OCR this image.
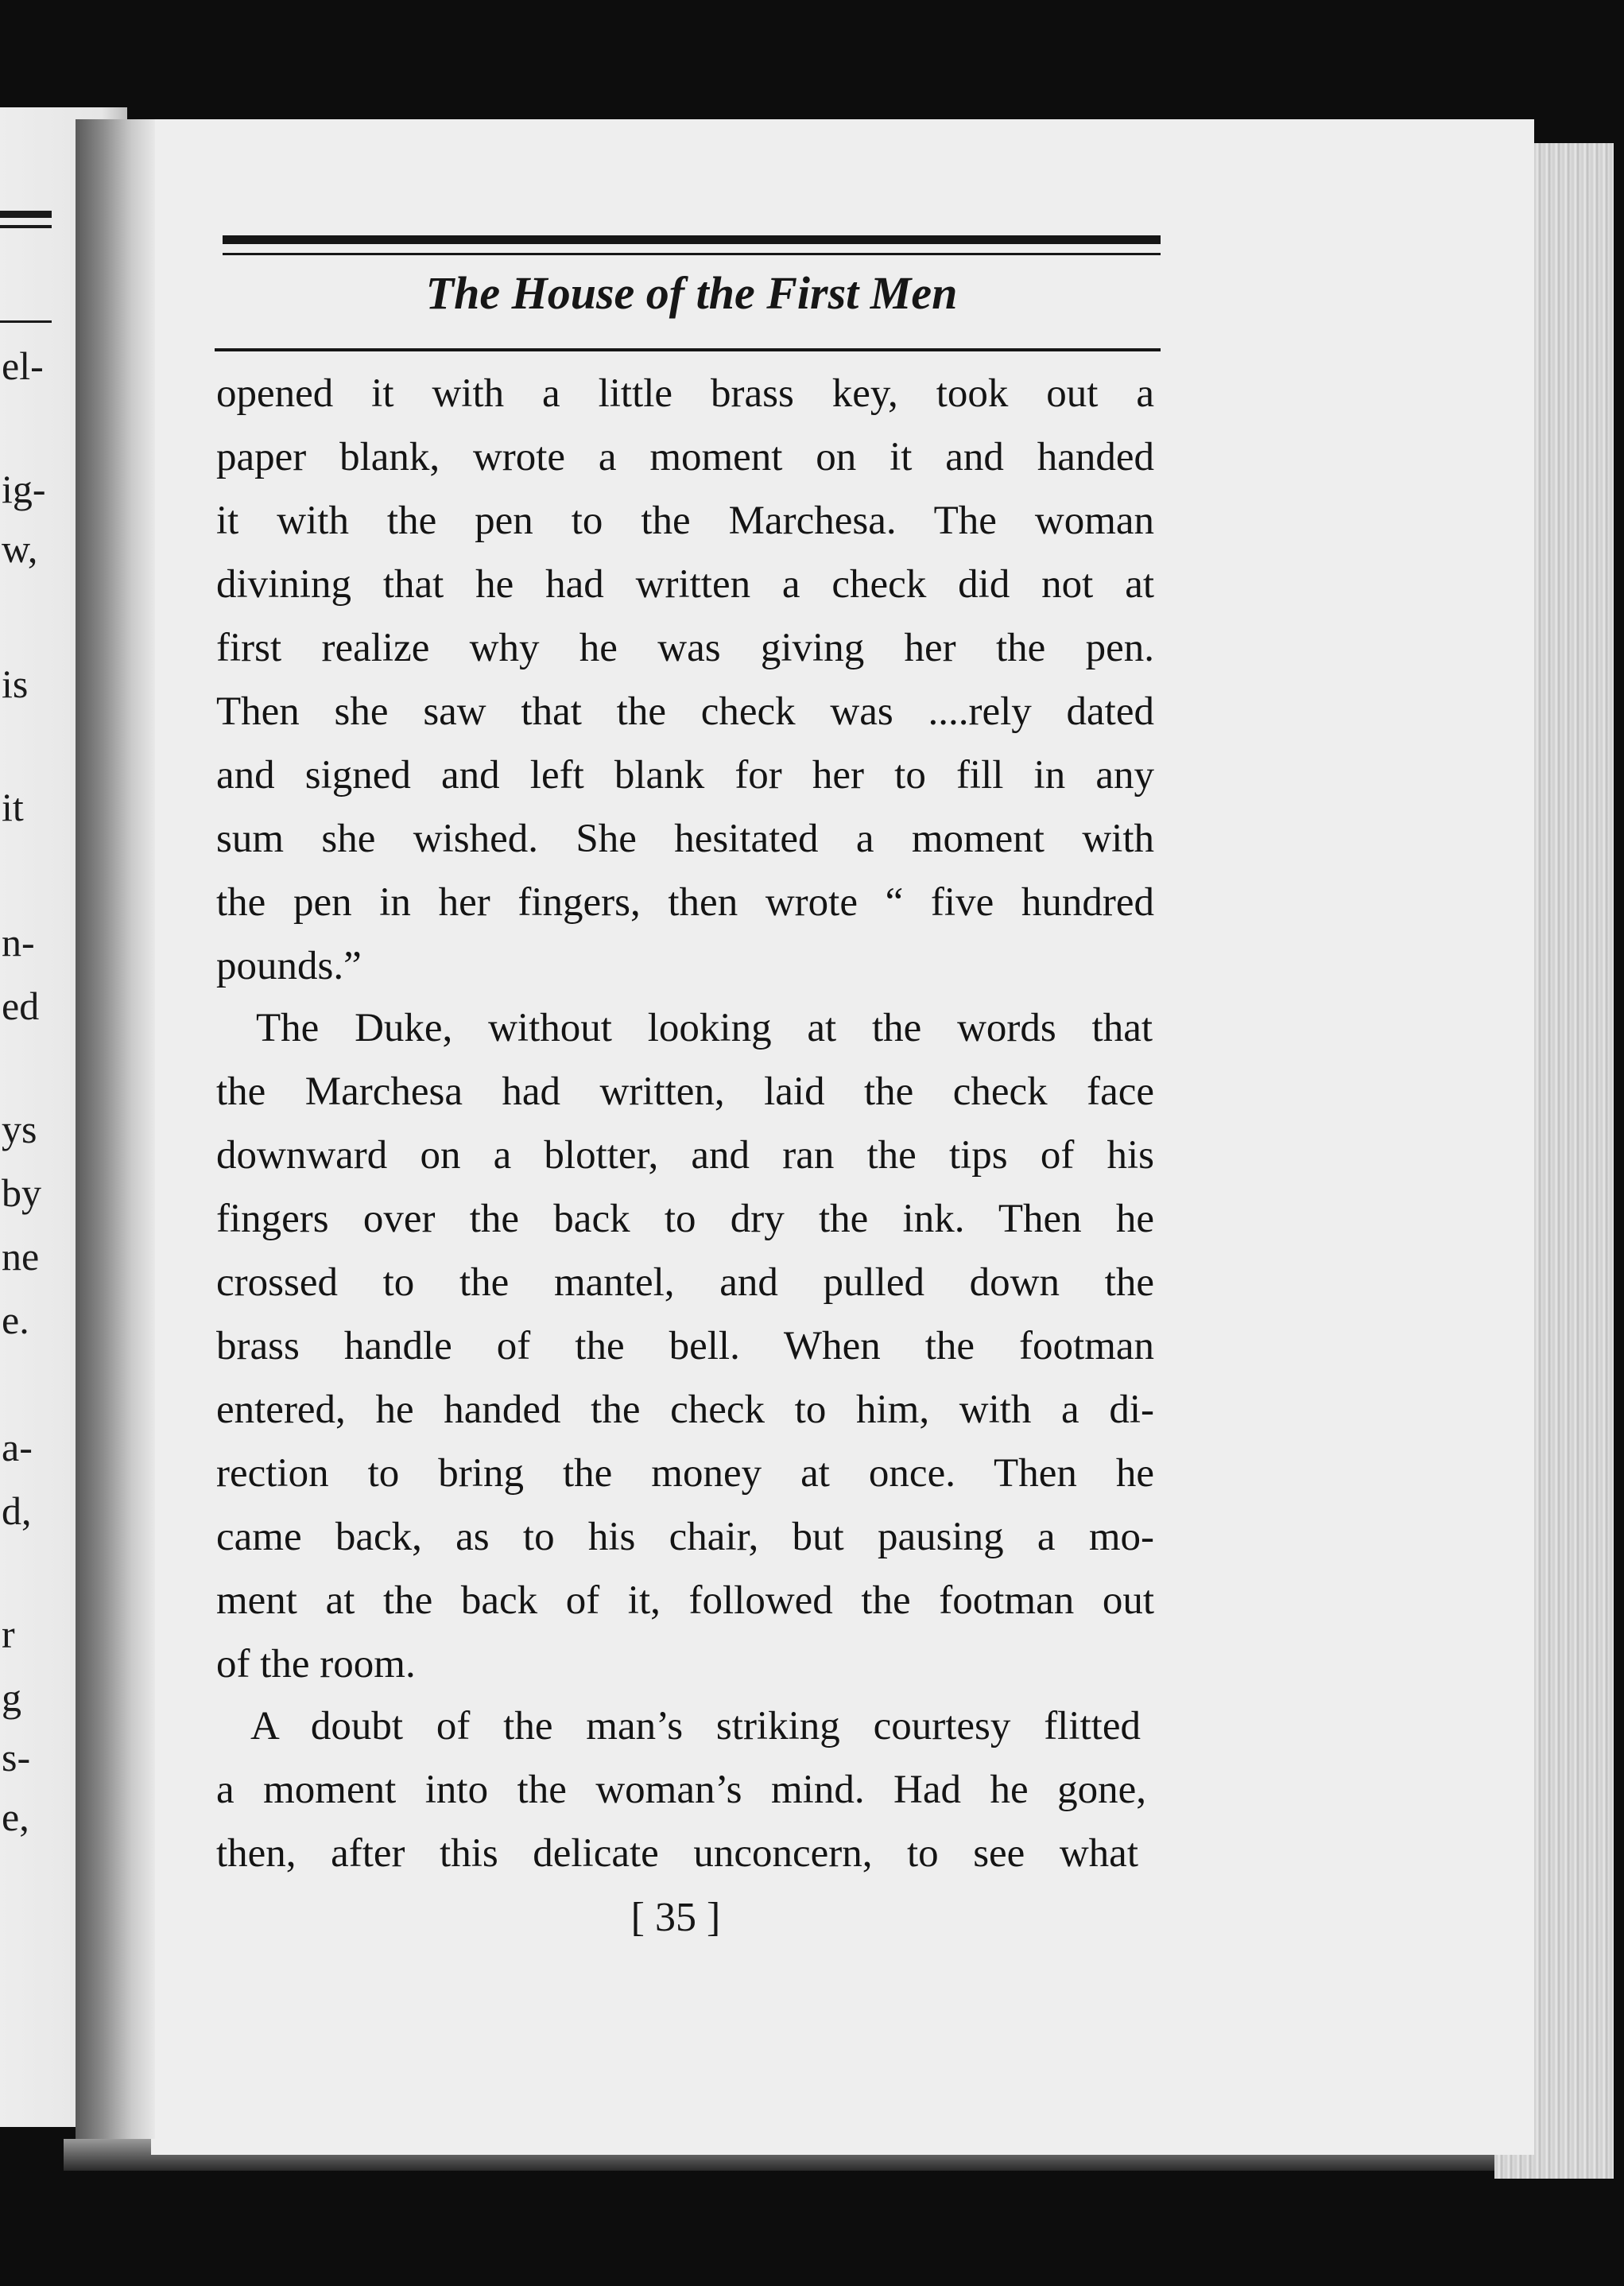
el-
ig-
w,
is
it
n-
ed
ys
by
ne
e.
a-
d,
r
g
s-
e,
The House of the First Men
opened it with a little brass key, took out a
paper blank, wrote a moment on it and handed
it with the pen to the Marchesa. The woman
divining that he had written a check did not at
first realize why he was giving her the pen.
Then she saw that the check was ....rely dated
and signed and left blank for her to fill in any
sum she wished. She hesitated a moment with
the pen in her fingers, then wrote “ five hundred
pounds.”
The Duke, without looking at the words that
the Marchesa had written, laid the check face
downward on a blotter, and ran the tips of his
fingers over the back to dry the ink. Then he
crossed to the mantel, and pulled down the
brass handle of the bell. When the footman
entered, he handed the check to him, with a di-
rection to bring the money at once. Then he
came back, as to his chair, but pausing a mo-
ment at the back of it, followed the footman out
of the room.
A doubt of the man’s striking courtesy flitted
a moment into the woman’s mind. Had he gone,
then, after this delicate unconcern, to see what
[ 35 ]
